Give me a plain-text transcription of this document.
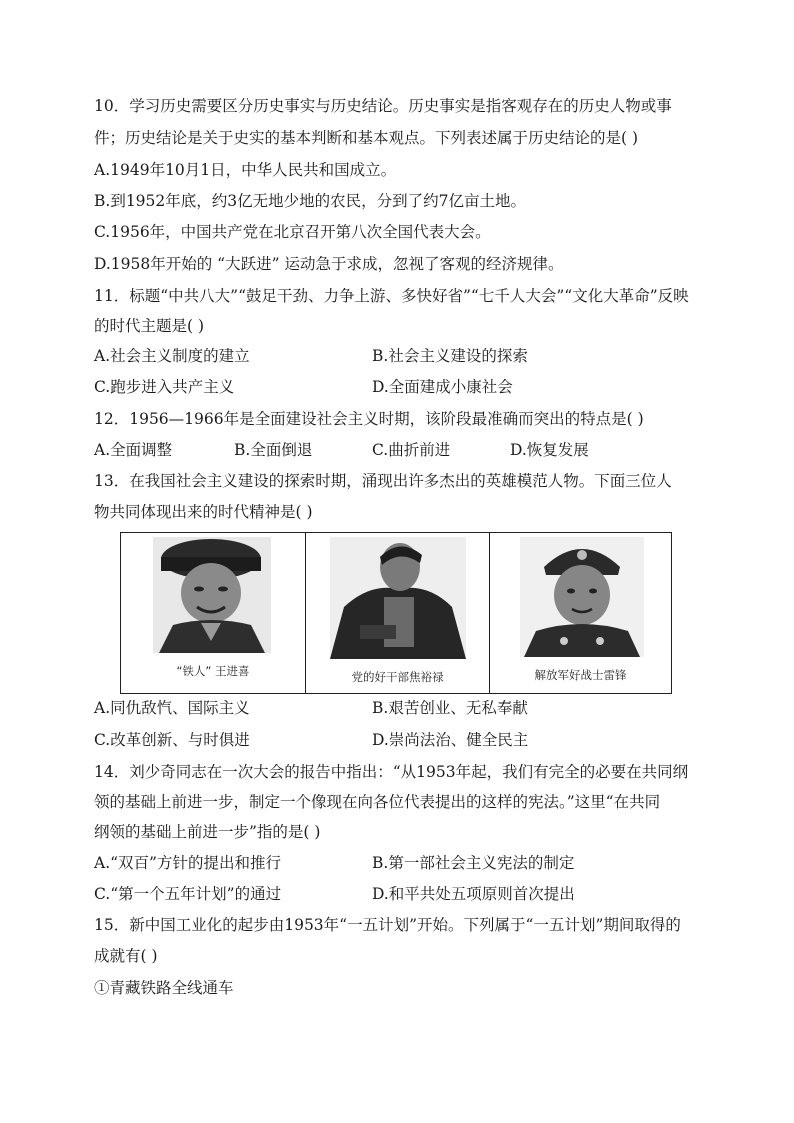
10．学习历史需要区分历史事实与历史结论。历史事实是指客观存在的历史人物或事
件；历史结论是关于史实的基本判断和基本观点。下列表述属于历史结论的是( )
A.1949年10月1日，中华人民共和国成立。
B.到1952年底，约3亿无地少地的农民，分到了约7亿亩土地。
C.1956年，中国共产党在北京召开第八次全国代表大会。
D.1958年开始的 “大跃进” 运动急于求成，忽视了客观的经济规律。
11．标题“中共八大”“鼓足干劲、力争上游、多快好省”“七千人大会”“文化大革命”反映
的时代主题是( )
A.社会主义制度的建立	B.社会主义建设的探索
C.跑步进入共产主义	D.全面建成小康社会
12．1956—1966年是全面建设社会主义时期，该阶段最准确而突出的特点是( )
A.全面调整	B.全面倒退	C.曲折前进	D.恢复发展
13．在我国社会主义建设的探索时期，涌现出许多杰出的英雄模范人物。下面三位人
物共同体现出来的时代精神是( )
“铁人” 王进喜	党的好干部焦裕禄	解放军好战士雷锋
A.同仇敌忾、国际主义	B.艰苦创业、无私奉献
C.改革创新、与时俱进	D.崇尚法治、健全民主
14．刘少奇同志在一次大会的报告中指出：“从1953年起，我们有完全的必要在共同纲
领的基础上前进一步，制定一个像现在向各位代表提出的这样的宪法。”这里“在共同
纲领的基础上前进一步”指的是( )
A.“双百”方针的提出和推行	B.第一部社会主义宪法的制定
C.“第一个五年计划”的通过	D.和平共处五项原则首次提出
15．新中国工业化的起步由1953年“一五计划”开始。下列属于“一五计划”期间取得的
成就有( )
①青藏铁路全线通车
